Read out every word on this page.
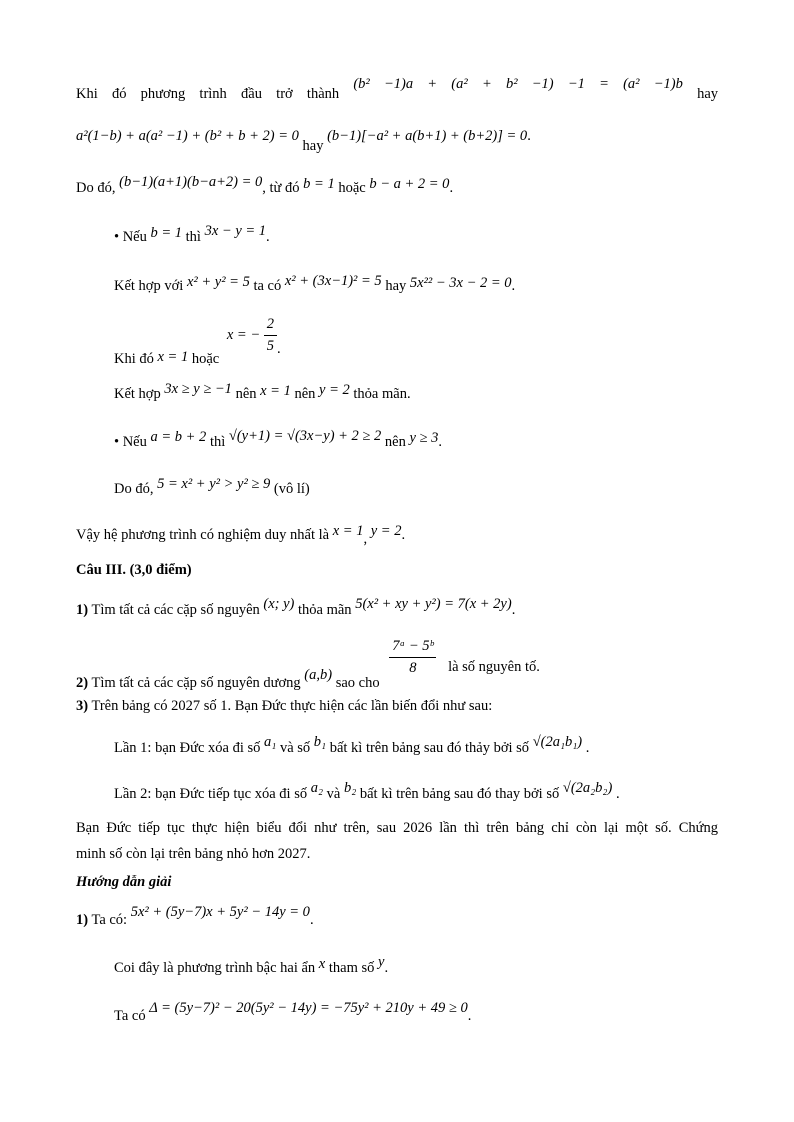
Khi đó phương trình đầu trở thành (b² −1)a + (a² + b² −1) −1 = (a² −1)b hay
a²(1−b) + a(a² −1) + (b² + b + 2) = 0 hay (b−1)[−a² + a(b+1) + (b+2)] = 0.
Do đó, (b−1)(a+1)(b−a+2) = 0, từ đó b = 1 hoặc b − a + 2 = 0.
• Nếu b = 1 thì 3x − y = 1.
Kết hợp với x² + y² = 5 ta có x² + (3x−1)² = 5 hay 5x²² − 3x − 2 = 0.
Khi đó x = 1 hoặc x = − $\frac{2}{5}$ .
Kết hợp 3x ≥ y ≥ −1 nên x = 1 nên y = 2 thỏa mãn.
• Nếu a = b + 2 thì √(y+1) = √(3x−y) + 2 ≥ 2 nên y ≥ 3.
Do đó, 5 = x² + y² > y² ≥ 9 (vô lí)
Vậy hệ phương trình có nghiệm duy nhất là x = 1, y = 2.
Câu III. (3,0 điểm)
1) Tìm tất cả các cặp số nguyên (x; y) thỏa mãn 5(x² + xy + y²) = 7(x + 2y).
2) Tìm tất cả các cặp số nguyên dương (a,b) sao cho
$\frac{\text{7ᵃ − 5ᵇ}}{8}$ là số nguyên tố.
3) Trên bảng có 2027 số 1. Bạn Đức thực hiện các lần biến đổi như sau:
Lần 1: bạn Đức xóa đi số a₁ và số b₁ bất kì trên bảng sau đó thảy bởi số √(2a₁b₁) .
Lần 2: bạn Đức tiếp tục xóa đi số a₂ và b₂ bất kì trên bảng sau đó thay bởi số √(2a₂b₂) .
Bạn Đức tiếp tục thực hiện biểu đổi như trên, sau 2026 lần thì trên bảng chỉ còn lại một số. Chứng
minh số còn lại trên bảng nhỏ hơn 2027.
Hướng dẫn giải
1) Ta có: 5x² + (5y−7)x + 5y² − 14y = 0.
Coi đây là phương trình bậc hai ẩn x tham số y.
Ta có Δ = (5y−7)² − 20(5y² − 14y) = −75y² + 210y + 49 ≥ 0.
